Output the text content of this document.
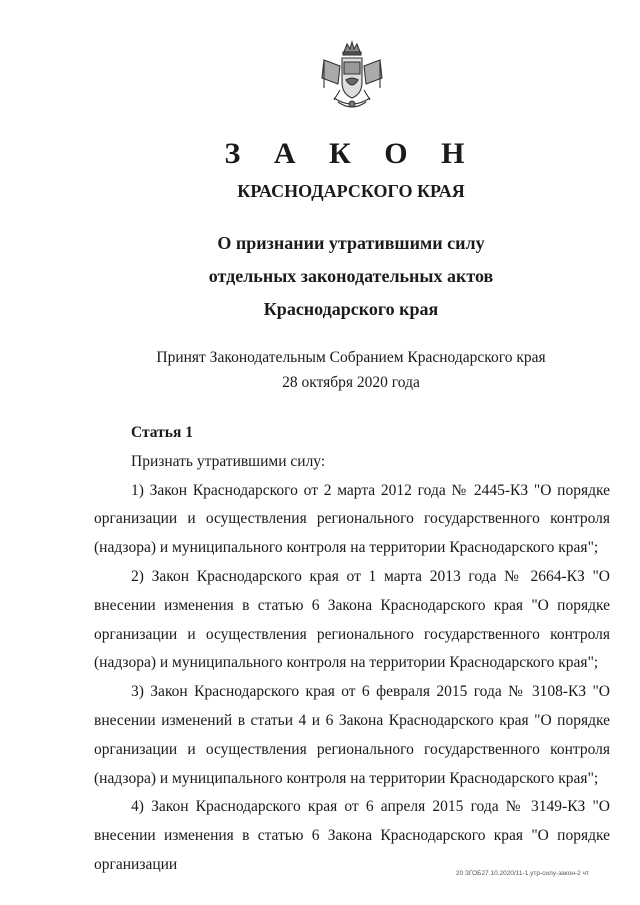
З А К О Н
КРАСНОДАРСКОГО КРАЯ
О признании утратившими силу
отдельных законодательных актов
Краснодарского края
Принят Законодательным Собранием Краснодарского края
28 октября 2020 года
Статья 1
Признать утратившими силу:

1) Закон Краснодарского от 2 марта 2012 года № 2445-КЗ "О порядке организации и осуществления регионального государственного контроля (надзора) и муниципального контроля на территории Краснодарского края";

2) Закон Краснодарского края от 1 марта 2013 года № 2664-КЗ "О внесении изменения в статью 6 Закона Краснодарского края "О порядке организации и осуществления регионального государственного контроля (надзора) и муниципального контроля на территории Краснодарского края";

3) Закон Краснодарского края от 6 февраля 2015 года № 3108-КЗ "О внесении изменений в статьи 4 и 6 Закона Краснодарского края "О порядке организации и осуществления регионального государственного контроля (надзора) и муниципального контроля на территории Краснодарского края";

4) Закон Краснодарского края от 6 апреля 2015 года № 3149-КЗ "О внесении изменения в статью 6 Закона Краснодарского края "О порядке организации

20 ЗГОБ27.10.2020/11-1.утр-силу-закон-2 чт
